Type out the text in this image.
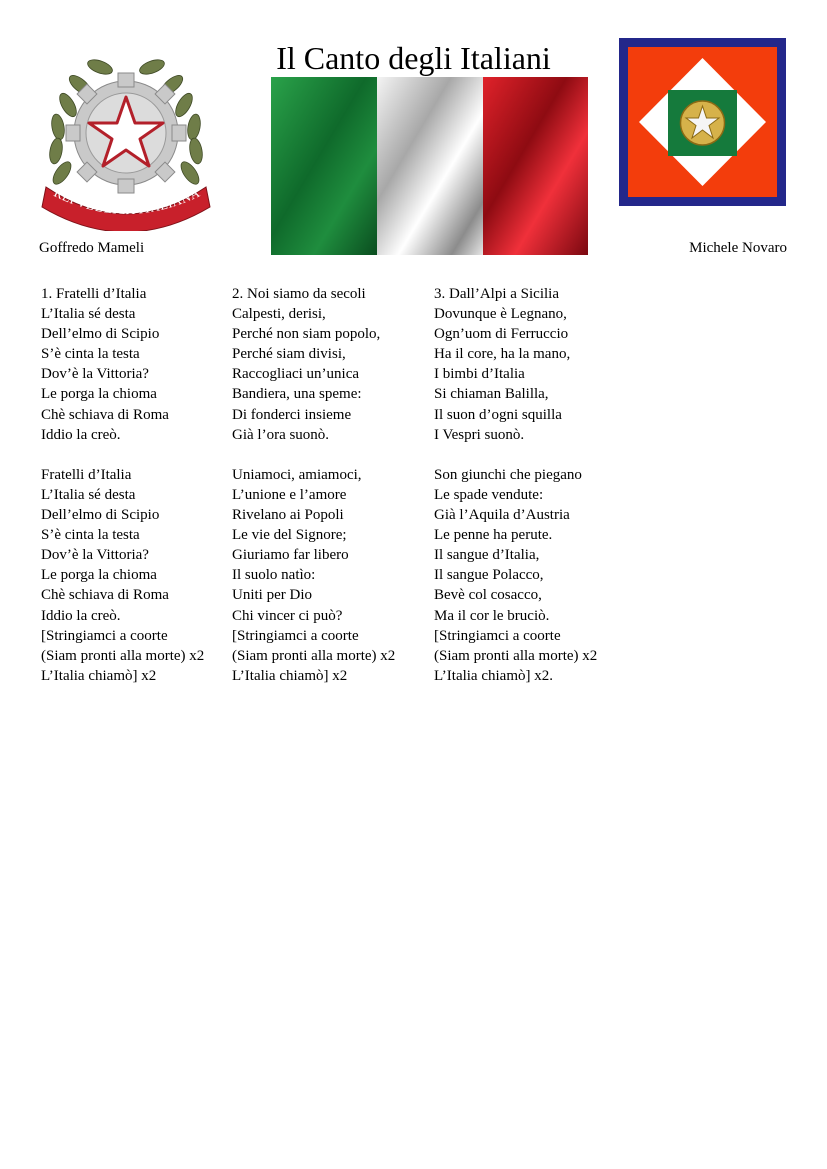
Il Canto degli Italiani
REPVBBLICA ITALIANA
Goffredo Mameli	Michele Novaro
1. Fratelli d’Italia
L’Italia sé desta
Dell’elmo di Scipio
S’è cinta la testa
Dov’è la Vittoria?
Le porga la chioma
Chè schiava di Roma
Iddio la creò.
Fratelli d’Italia
L’Italia sé desta
Dell’elmo di Scipio
S’è cinta la testa
Dov’è la Vittoria?
Le porga la chioma
Chè schiava di Roma
Iddio la creò.
[Stringiamci a coorte
(Siam pronti alla morte) x2
L’Italia chiamò] x2
2. Noi siamo da secoli
Calpesti, derisi,
Perché non siam popolo,
Perché siam divisi,
Raccogliaci un’unica
Bandiera, una speme:
Di fonderci insieme
Già l’ora suonò.
Uniamoci, amiamoci,
L’unione e l’amore
Rivelano ai Popoli
Le vie del Signore;
Giuriamo far libero
Il suolo natìo:
Uniti per Dio
Chi vincer ci può?
[Stringiamci a coorte
(Siam pronti alla morte) x2
L’Italia chiamò] x2
3. Dall’Alpi a Sicilia
Dovunque è Legnano,
Ogn’uom di Ferruccio
Ha il core, ha la mano,
I bimbi d’Italia
Si chiaman Balilla,
Il suon d’ogni squilla
I Vespri suonò.
Son giunchi che piegano
Le spade vendute:
Già l’Aquila d’Austria
Le penne ha perute.
Il sangue d’Italia,
Il sangue Polacco,
Bevè col cosacco,
Ma il cor le bruciò.
[Stringiamci a coorte
(Siam pronti alla morte) x2
L’Italia chiamò] x2.
